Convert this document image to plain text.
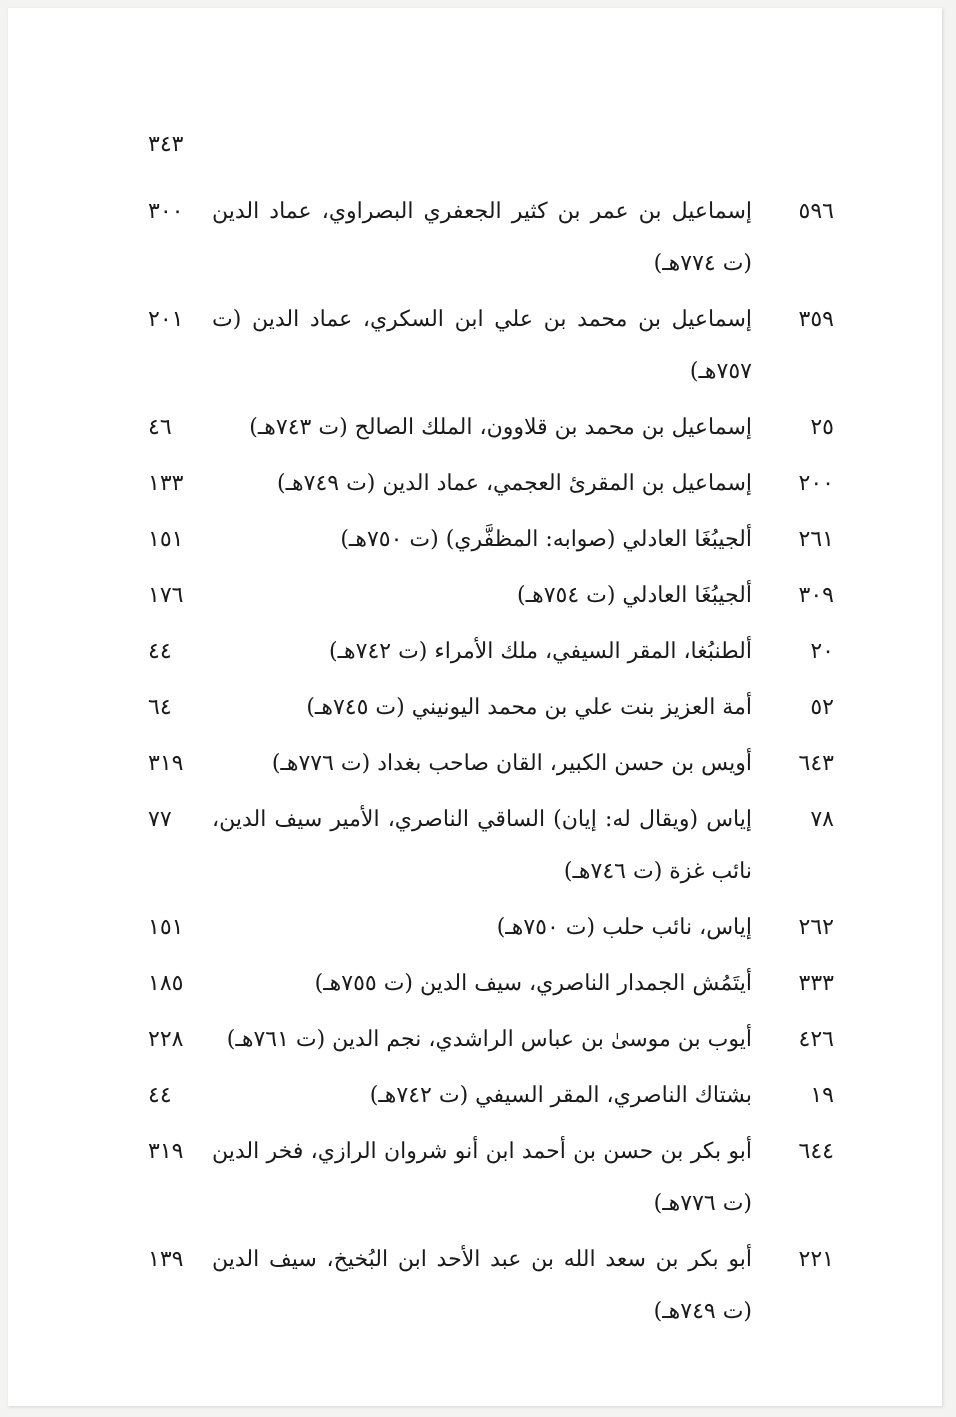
٣٤٣
٥٩٦
إسماعيل بن عمر بن كثير الجعفري البصراوي، عماد الدين (ت ٧٧٤هـ)
٣٠٠
٣٥٩
إسماعيل بن محمد بن علي ابن السكري، عماد الدين (ت ٧٥٧هـ)
٢٠١
٢٥
إسماعيل بن محمد بن قلاوون، الملك الصالح (ت ٧٤٣هـ)
٤٦
٢٠٠
إسماعيل بن المقرئ العجمي، عماد الدين (ت ٧٤٩هـ)
١٣٣
٢٦١
ألجيبُغَا العادلي (صوابه: المظفَّري) (ت ٧٥٠هـ)
١٥١
٣٠٩
ألجيبُغَا العادلي (ت ٧٥٤هـ)
١٧٦
٢٠
ألطنبُغا، المقر السيفي، ملك الأمراء (ت ٧٤٢هـ)
٤٤
٥٢
أمة العزيز بنت علي بن محمد اليونيني (ت ٧٤٥هـ)
٦٤
٦٤٣
أويس بن حسن الكبير، القان صاحب بغداد (ت ٧٧٦هـ)
٣١٩
٧٨
إياس (ويقال له: إيان) الساقي الناصري، الأمير سيف الدين، نائب غزة (ت ٧٤٦هـ)
٧٧
٢٦٢
إياس، نائب حلب (ت ٧٥٠هـ)
١٥١
٣٣٣
أيتَمُش الجمدار الناصري، سيف الدين (ت ٧٥٥هـ)
١٨٥
٤٢٦
أيوب بن موسىٰ بن عباس الراشدي، نجم الدين (ت ٧٦١هـ)
٢٢٨
١٩
بشتاك الناصري، المقر السيفي (ت ٧٤٢هـ)
٤٤
٦٤٤
أبو بكر بن حسن بن أحمد ابن أنو شروان الرازي، فخر الدين (ت ٧٧٦هـ)
٣١٩
٢٢١
أبو بكر بن سعد الله بن عبد الأحد ابن البُخيخ، سيف الدين (ت ٧٤٩هـ)
١٣٩
